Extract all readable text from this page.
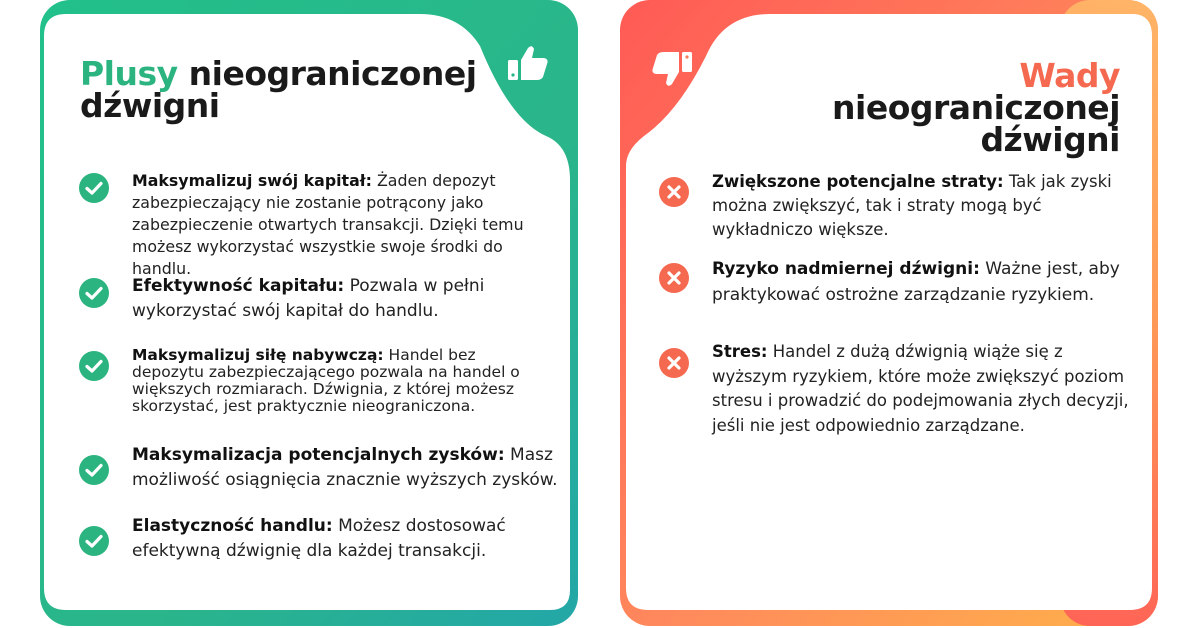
Plusy nieograniczonej
dźwigni
Maksymalizuj swój kapitał: Żaden depozyt zabezpieczający nie zostanie potrącony jako zabezpieczenie otwartych transakcji. Dzięki temu możesz wykorzystać wszystkie swoje środki do handlu.
Efektywność kapitału: Pozwala w pełni wykorzystać swój kapitał do handlu.
Maksymalizuj siłę nabywczą: Handel bez depozytu zabezpieczającego pozwala na handel o większych rozmiarach. Dźwignia, z której możesz skorzystać, jest praktycznie nieograniczona.
Maksymalizacja potencjalnych zysków: Masz możliwość osiągnięcia znacznie wyższych zysków.
Elastyczność handlu: Możesz dostosować efektywną dźwignię dla każdej transakcji.
Wady nieograniczonej
dźwigni
Zwiększone potencjalne straty: Tak jak zyski można zwiększyć, tak i straty mogą być wykładniczo większe.
Ryzyko nadmiernej dźwigni: Ważne jest, aby praktykować ostrożne zarządzanie ryzykiem.
Stres: Handel z dużą dźwignią wiąże się z wyższym ryzykiem, które może zwiększyć poziom stresu i prowadzić do podejmowania złych decyzji, jeśli nie jest odpowiednio zarządzane.
